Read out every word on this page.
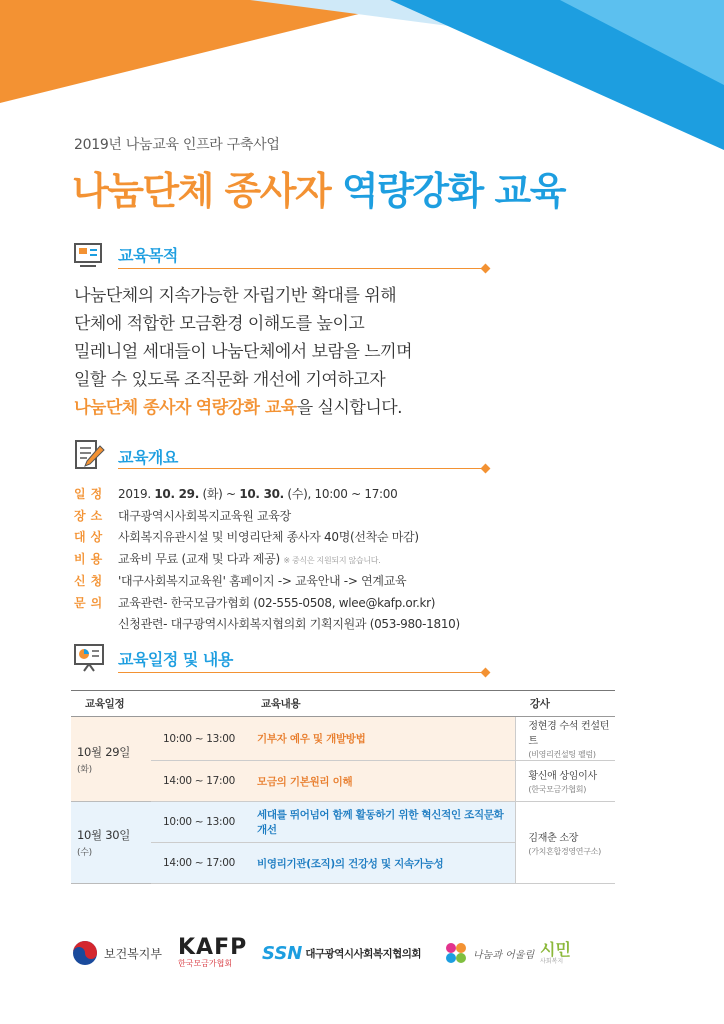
2019년 나눔교육 인프라 구축사업
나눔단체 종사자 역량강화 교육
교육목적

나눔단체의 지속가능한 자립기반 확대를 위해

단체에 적합한 모금환경 이해도를 높이고

밀레니얼 세대들이 나눔단체에서 보람을 느끼며

일할 수 있도록 조직문화 개선에 기여하고자

나눔단체 종사자 역량강화 교육을 실시합니다.

교육개요
일정 2019. 10. 29. (화) ~ 10. 30. (수), 10:00 ~ 17:00
장소 대구광역시사회복지교육원 교육장
대상 사회복지유관시설 및 비영리단체 종사자 40명(선착순 마감)
비용 교육비 무료 (교재 및 다과 제공) ※ 중식은 지원되지 않습니다.
신청 '대구사회복지교육원' 홈페이지 -> 교육안내 -> 연계교육
문의 교육관련- 한국모금가협회 (02-555-0508, wlee@kafp.or.kr)
신청관련- 대구광역시사회복지협의회 기획지원과 (053-980-1810)
교육일정 및 내용
교육일정		교육내용	강사

10월 29일
(화)	10:00 ~ 13:00	기부자 예우 및 개발방법	정현경 수석 컨설턴트
(비영리컨설팅 펠럼)

	14:00 ~ 17:00	모금의 기본원리 이해	황신애 상임이사
(한국모금가협회)

10월 30일
(수)	10:00 ~ 13:00	세대를 뛰어넘어 함께 활동하기 위한 혁신적인 조직문화 개선	김재춘 소장
(가치혼합경영연구소)

	14:00 ~ 17:00	비영리기관(조직)의 건강성 및 지속가능성	
보건복지부 KAFP
한국모금가협회 SSN 대구광역시사회복지협의회	나눔과 어울림 시민
사회복지
